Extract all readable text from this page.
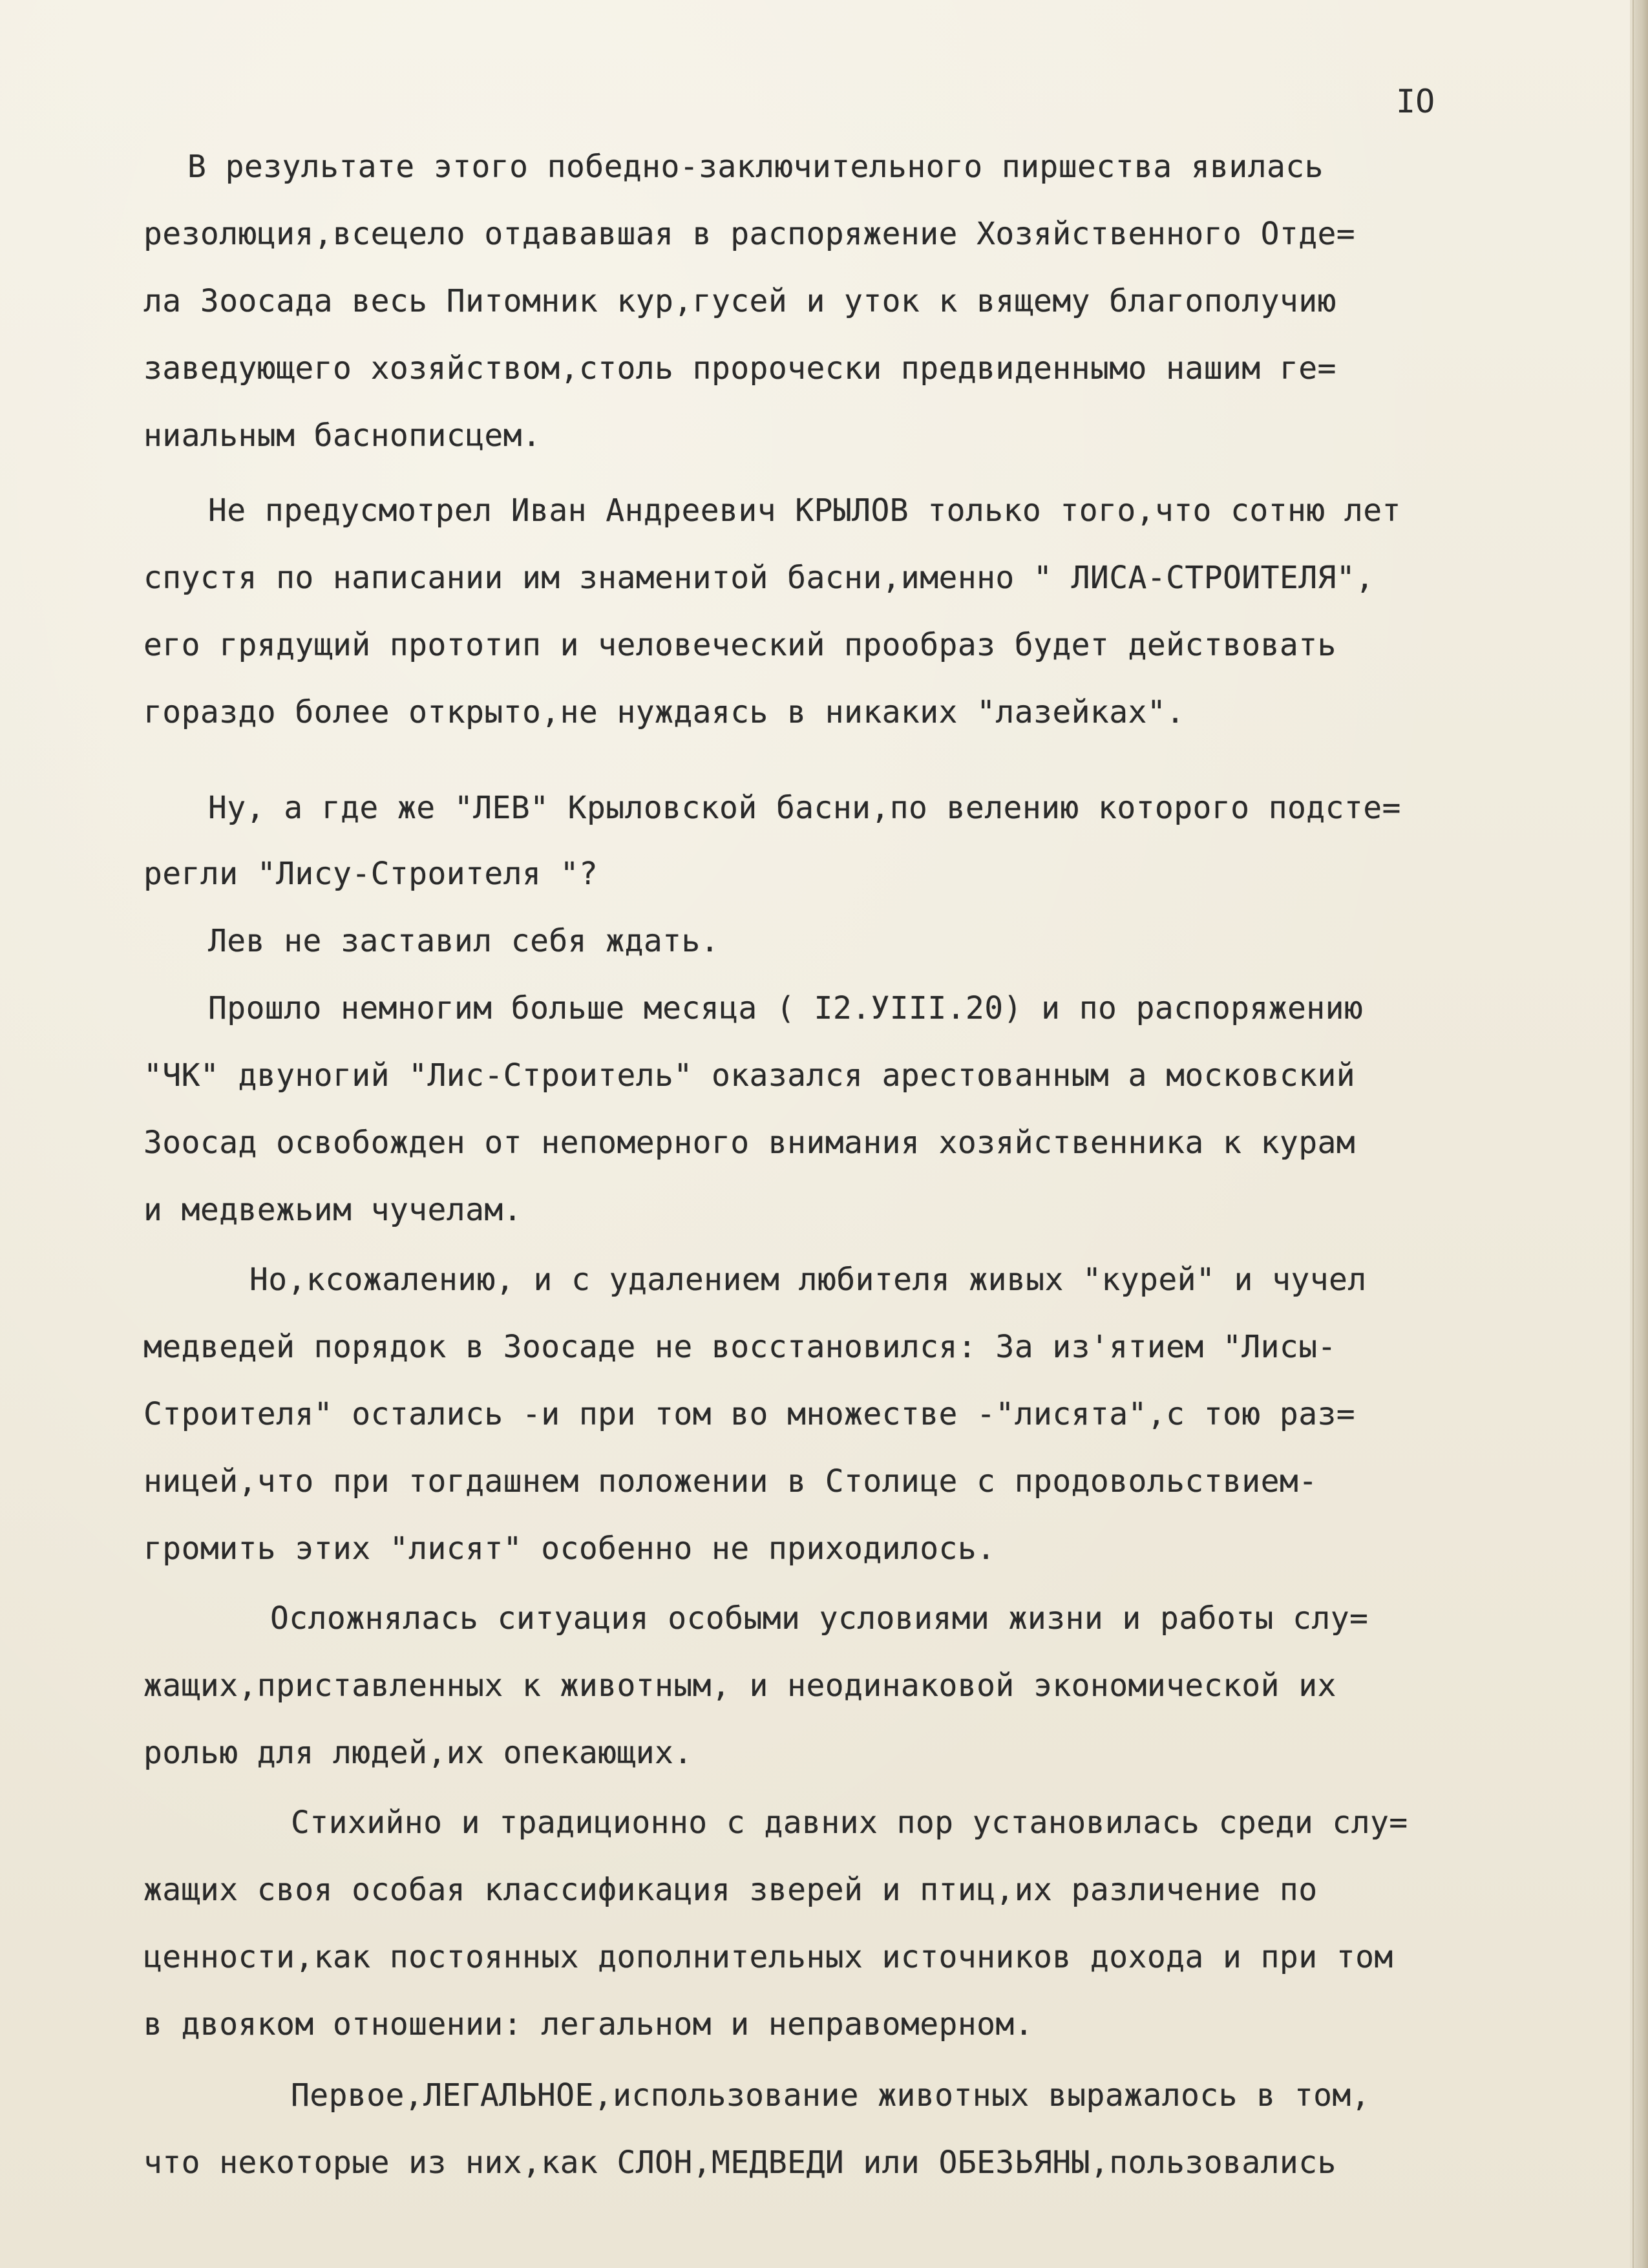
IO

В результате этого победно-заключительного пиршества явилась

резолюция,всецело отдававшая в распоряжение Хозяйственного Отде=

ла Зоосада весь Питомник кур,гусей и уток к вящему благополучию

заведующего хозяйством,столь пророчески предвиденнымо нашим ге=

ниальным баснописцем.

Не предусмотрел Иван Андреевич КРЫЛОВ только того,что сотню лет

спустя по написании им знаменитой басни,именно " ЛИСА-СТРОИТЕЛЯ",

его грядущий прототип и человеческий прообраз будет действовать

гораздо более открыто,не нуждаясь в никаких "лазейках".

Ну, а где же "ЛЕВ" Крыловской басни,по велению которого подсте=

регли "Лису-Строителя "?

Лев не заставил себя ждать.

Прошло немногим больше месяца ( I2.УIII.20) и по распоряжению

"ЧК" двуногий "Лис-Строитель" оказался арестованным а московский

Зоосад освобожден от непомерного внимания хозяйственника к курам

и медвежьим чучелам.

Но,ксожалению, и с удалением любителя живых "курей" и чучел

медведей порядок в Зоосаде не восстановился: За из'ятием "Лисы-

Строителя" остались -и при том во множестве -"лисята",с тою раз=

ницей,что при тогдашнем положении в Столице с продовольствием-

громить этих "лисят" особенно не приходилось.

Осложнялась ситуация особыми условиями жизни и работы слу=

жащих,приставленных к животным, и неодинаковой экономической их

ролью для людей,их опекающих.

Стихийно и традиционно с давних пор установилась среди слу=

жащих своя особая классификация зверей и птиц,их различение по

ценности,как постоянных дополнительных источников дохода и при том

в двояком отношении: легальном и неправомерном.

Первое,ЛЕГАЛЬНОЕ,использование животных выражалось в том,

что некоторые из них,как СЛОН,МЕДВЕДИ или ОБЕЗЬЯНЫ,пользовались
